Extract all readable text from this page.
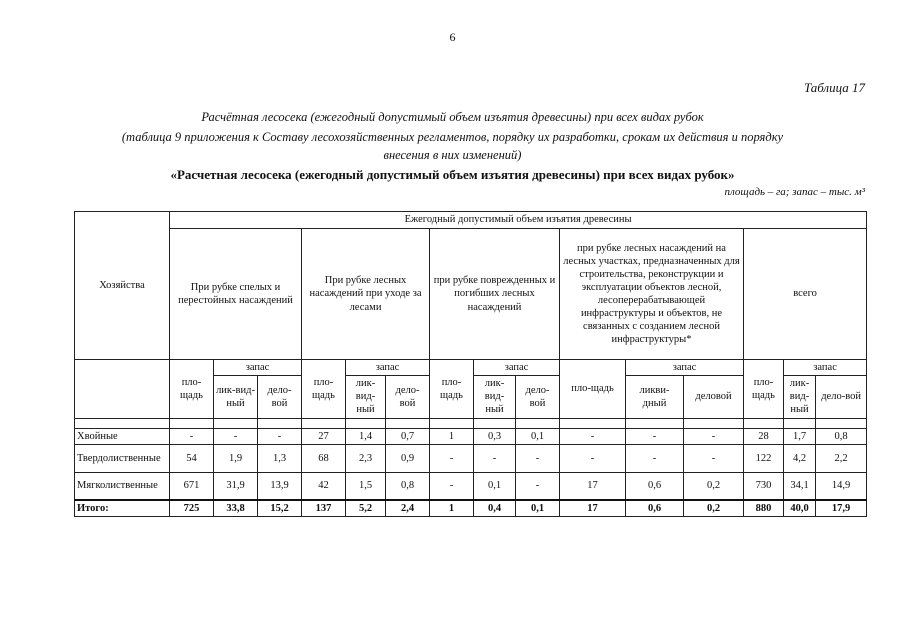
6
Таблица 17
Расчётная лесосека (ежегодный допустимый объем изъятия древесины) при всех видах рубок
(таблица 9 приложения к Составу лесохозяйственных регламентов, порядку их разработки, срокам их действия и порядку
внесения в них изменений)
«Расчетная лесосека (ежегодный допустимый объем изъятия древесины) при всех видах рубок»
площадь – га; запас – тыс. м³
Хозяйства	Ежегодный допустимый объем изъятия древесины														
	При рубке спелых и перестойных насаждений			При рубке лесных насаждений при уходе за лесами			при рубке поврежденных и погибших лесных насаждений			при рубке лесных насаждений на лесных участках, предназначенных для строительства, реконструкции и эксплуатации объектов лесной, лесоперерабатывающей инфраструктуры и объектов, не связанных с созданием лесной инфраструктуры*			всего		

	пло-щадь	запас		пло-щадь	запас		пло-щадь	запас		пло-щадь	запас		пло-щадь	запас	
		лик-вид-ный	дело-вой		лик-вид-ный	дело-вой		лик-вид-ный	дело-вой		ликви-дный	деловой		лик-вид-ный	дело-вой

Хвойные	-	-	-	27	1,4	0,7	1	0,3	0,1	-	-	-	28	1,7	0,8
Твердолиственные	54	1,9	1,3	68	2,3	0,9	-	-	-	-	-	-	122	4,2	2,2
Мягколиственные	671	31,9	13,9	42	1,5	0,8	-	0,1	-	17	0,6	0,2	730	34,1	14,9
Итого:	725	33,8	15,2	137	5,2	2,4	1	0,4	0,1	17	0,6	0,2	880	40,0	17,9
